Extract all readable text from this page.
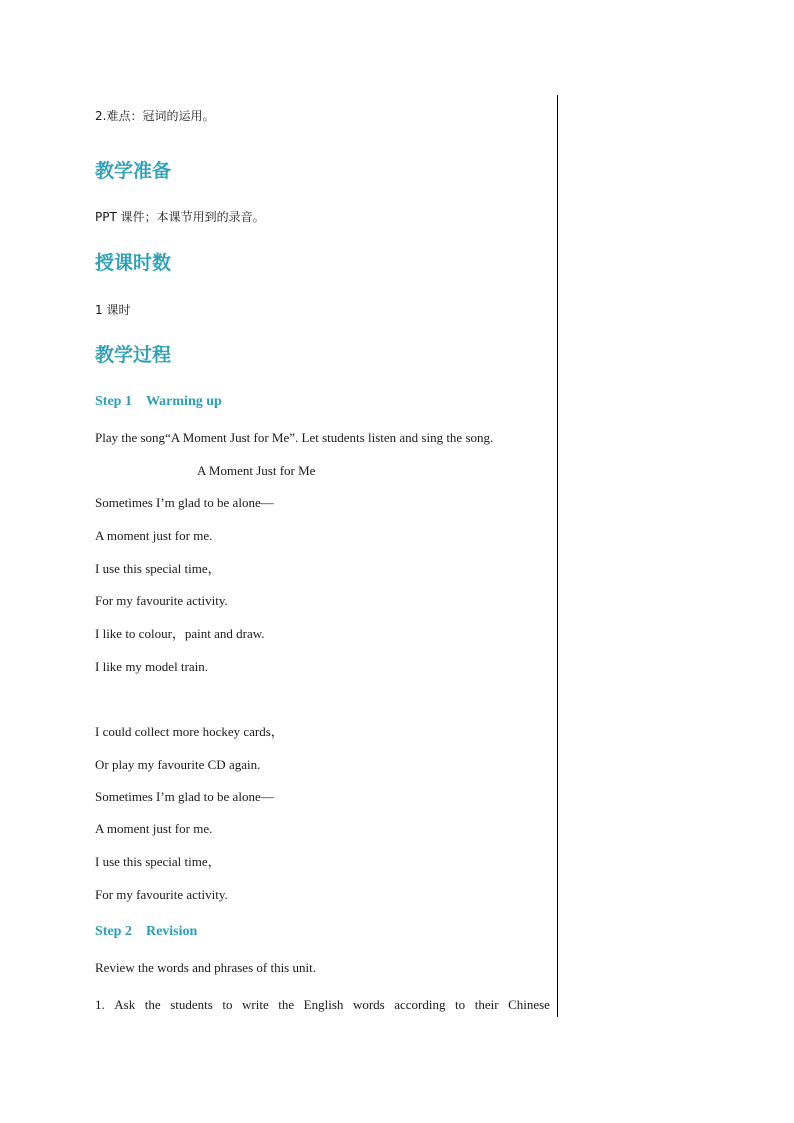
2.难点：冠词的运用。
教学准备
PPT 课件；本课节用到的录音。
授课时数
1 课时
教学过程
Step 1 Warming up
Play the song“A Moment Just for Me”. Let students listen and sing the song.
A Moment Just for Me
Sometimes I’m glad to be alone—
A moment just for me.
I use this special time，
For my favourite activity.
I like to colour，paint and draw.
I like my model train.
I could collect more hockey cards，
Or play my favourite CD again.
Sometimes I’m glad to be alone—
A moment just for me.
I use this special time，
For my favourite activity.
Step 2 Revision
Review the words and phrases of this unit.
1. Ask the students to write the English words according to their Chinese
